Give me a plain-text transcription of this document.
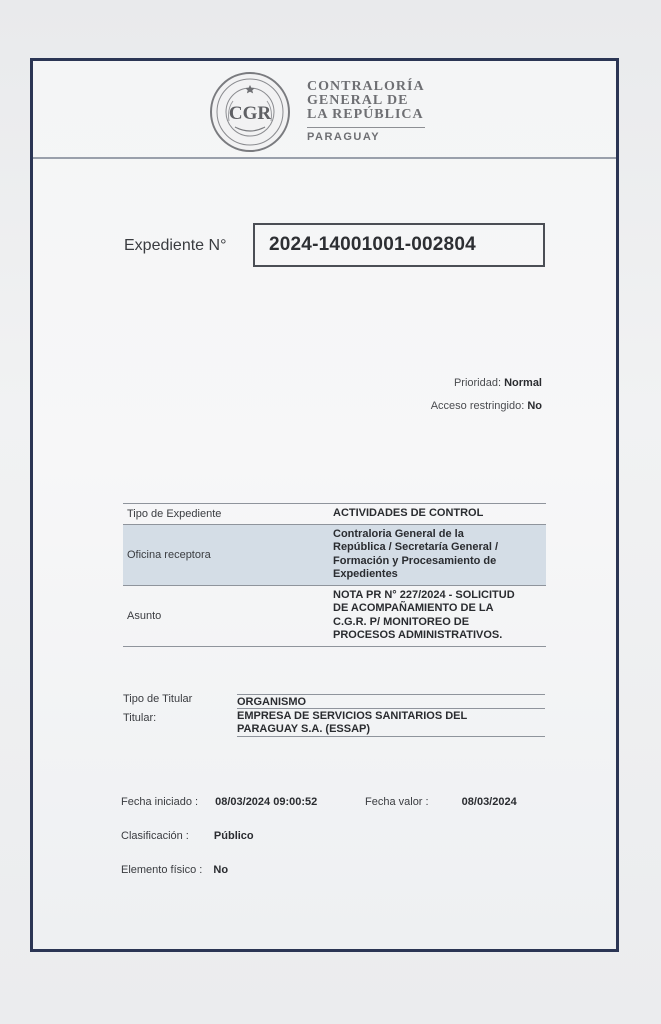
CGR
CONTRALORÍA
GENERAL DE
LA REPÚBLICA
PARAGUAY
Expediente N° 2024-14001001-002804
Prioridad: Normal
Acceso restringido: No
Tipo de Expediente	ACTIVIDADES DE CONTROL
Oficina receptora	Contraloria General de la
República / Secretaría General /
Formación y Procesamiento de
Expedientes
Asunto	NOTA PR N° 227/2024 - SOLICITUD
DE ACOMPAÑAMIENTO DE LA
C.G.R. P/ MONITOREO DE
PROCESOS ADMINISTRATIVOS.
Tipo de Titular	ORGANISMO
Titular:	EMPRESA DE SERVICIOS SANITARIOS DEL
PARAGUAY S.A. (ESSAP)
Fecha iniciado : 08/03/2024 09:00:52	Fecha valor :	08/03/2024
Clasificación : Público
Elemento físico : No
